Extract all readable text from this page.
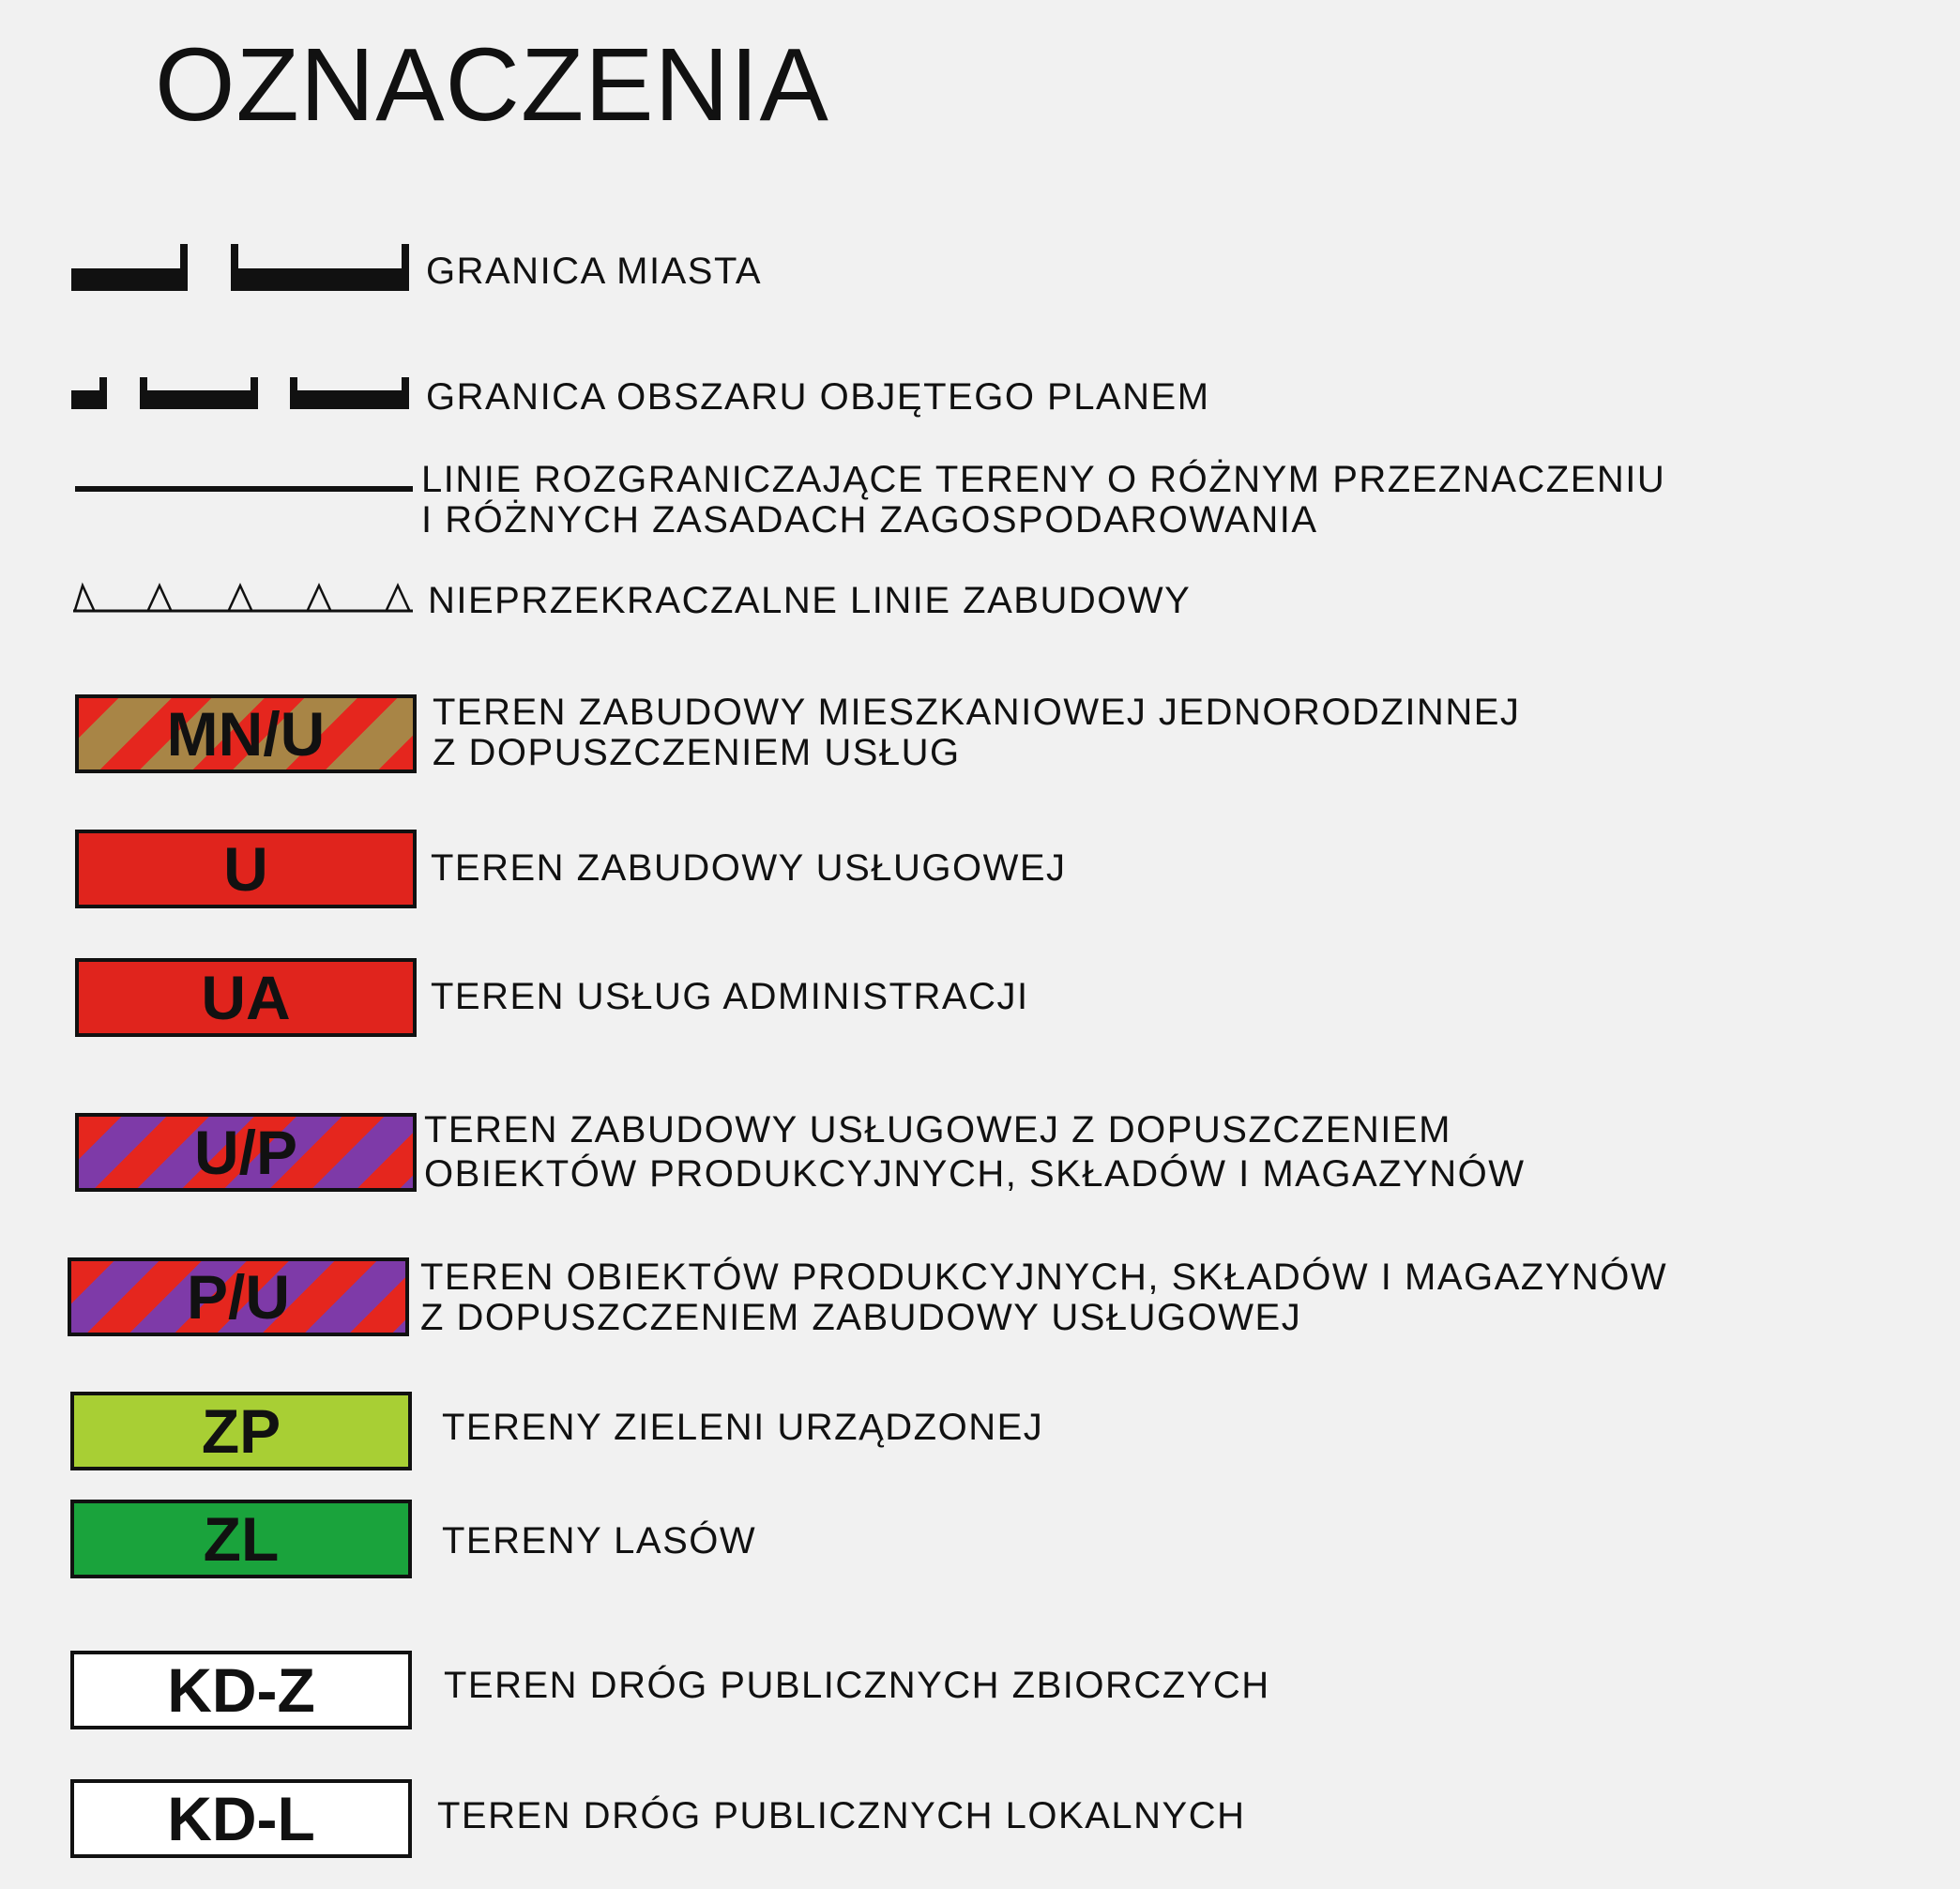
OZNACZENIA
GRANICA MIASTA
GRANICA OBSZARU OBJĘTEGO PLANEM
LINIE ROZGRANICZAJĄCE TERENY O RÓŻNYM PRZEZNACZENIU
I RÓŻNYCH ZASADACH ZAGOSPODAROWANIA
NIEPRZEKRACZALNE LINIE ZABUDOWY
MN/U	TEREN ZABUDOWY MIESZKANIOWEJ JEDNORODZINNEJ
Z DOPUSZCZENIEM USŁUG
U	TEREN ZABUDOWY USŁUGOWEJ
UA	TEREN USŁUG ADMINISTRACJI
U/P	TEREN ZABUDOWY USŁUGOWEJ Z DOPUSZCZENIEM
OBIEKTÓW PRODUKCYJNYCH, SKŁADÓW I MAGAZYNÓW
P/U	TEREN OBIEKTÓW PRODUKCYJNYCH, SKŁADÓW I MAGAZYNÓW
Z DOPUSZCZENIEM ZABUDOWY USŁUGOWEJ
ZP	TERENY ZIELENI URZĄDZONEJ
ZL	TERENY LASÓW
KD-Z	TEREN DRÓG PUBLICZNYCH ZBIORCZYCH
KD-L	TEREN DRÓG PUBLICZNYCH LOKALNYCH
